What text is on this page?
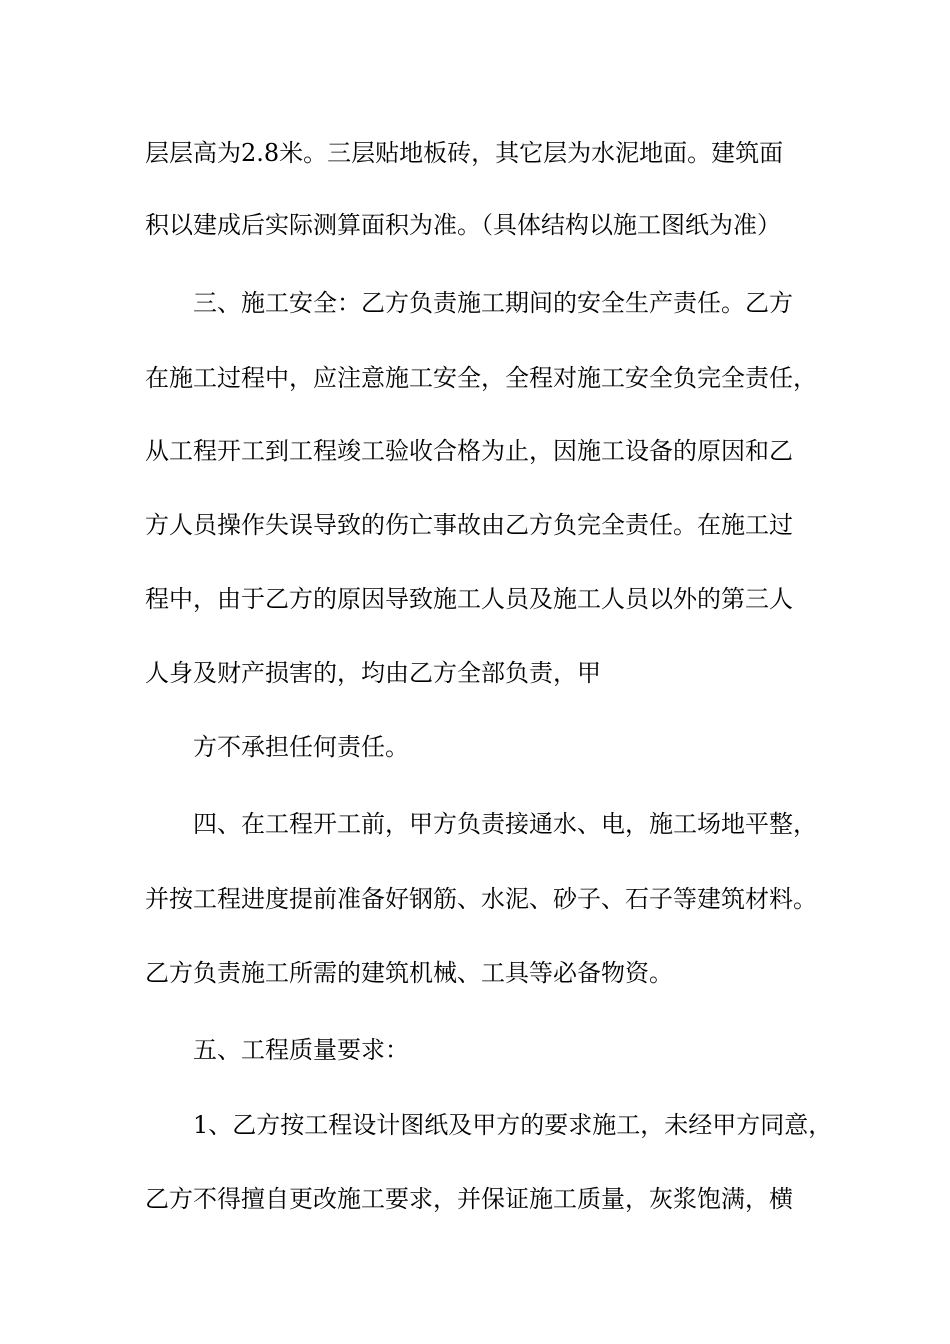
层层高为2.8米。三层贴地板砖，其它层为水泥地面。建筑面
积以建成后实际测算面积为准。（具体结构以施工图纸为准）
三、施工安全：乙方负责施工期间的安全生产责任。乙方
在施工过程中，应注意施工安全，全程对施工安全负完全责任，
从工程开工到工程竣工验收合格为止，因施工设备的原因和乙
方人员操作失误导致的伤亡事故由乙方负完全责任。在施工过
程中，由于乙方的原因导致施工人员及施工人员以外的第三人
人身及财产损害的，均由乙方全部负责，甲
方不承担任何责任。
四、在工程开工前，甲方负责接通水、电，施工场地平整，
并按工程进度提前准备好钢筋、水泥、砂子、石子等建筑材料。
乙方负责施工所需的建筑机械、工具等必备物资。
五、工程质量要求：
1、乙方按工程设计图纸及甲方的要求施工，未经甲方同意，
乙方不得擅自更改施工要求，并保证施工质量，灰浆饱满，横
